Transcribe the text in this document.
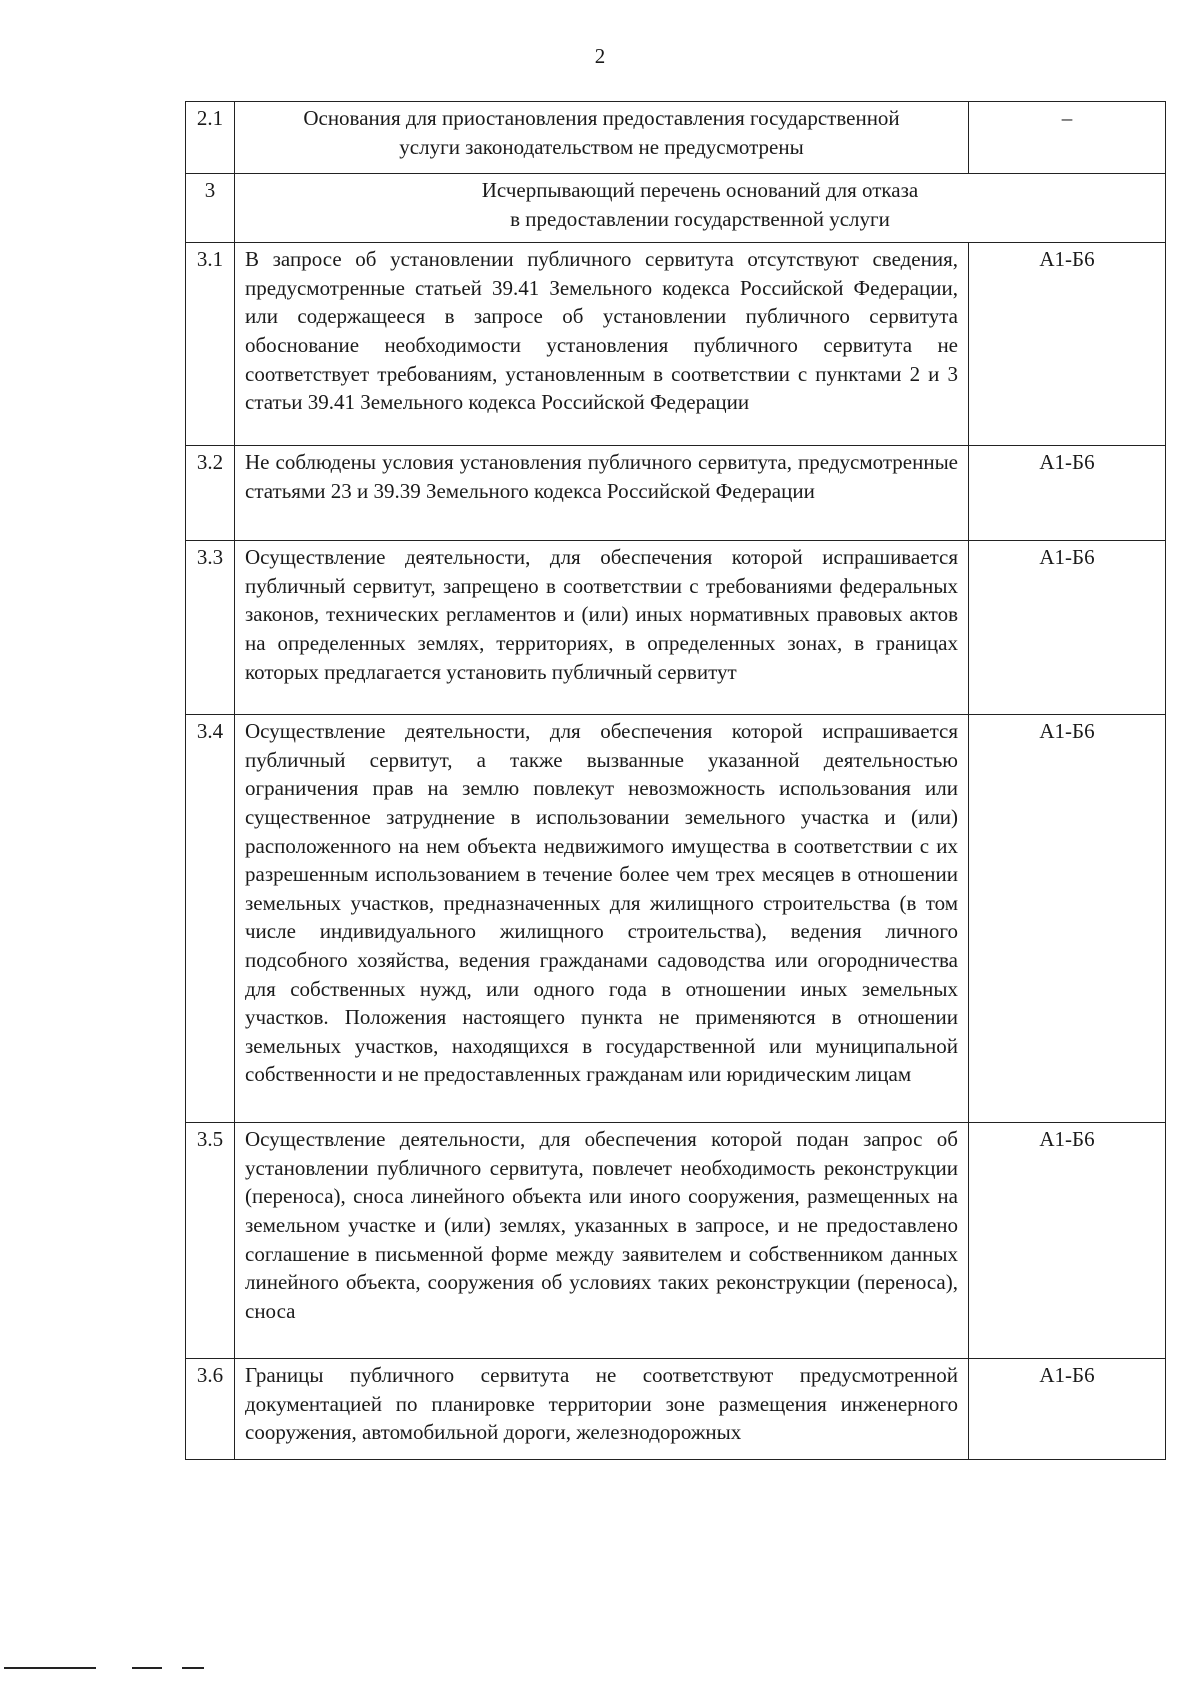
2
2.1	Основания для приостановления предоставления государственной
услуги законодательством не предусмотрены	–
3	Исчерпывающий перечень оснований для отказа
в предоставлении государственной услуги	
3.1	В запросе об установлении публичного сервитута отсутствуют сведения, предусмотренные статьей 39.41 Земельного кодекса Российской Федерации, или содержащееся в запросе об установлении публичного сервитута обоснование необходимости установления публичного сервитута не соответствует требованиям, установленным в соответствии с пунктами 2 и 3 статьи 39.41 Земельного кодекса Российской Федерации	А1-Б6
3.2	Не соблюдены условия установления публичного сервитута, предусмотренные статьями 23 и 39.39 Земельного кодекса Российской Федерации	А1-Б6
3.3	Осуществление деятельности, для обеспечения которой испрашивается публичный сервитут, запрещено в соответствии с требованиями федеральных законов, технических регламентов и (или) иных нормативных правовых актов на определенных землях, территориях, в определенных зонах, в границах которых предлагается установить публичный сервитут	А1-Б6
3.4	Осуществление деятельности, для обеспечения которой испрашивается публичный сервитут, а также вызванные указанной деятельностью ограничения прав на землю повлекут невозможность использования или существенное затруднение в использовании земельного участка и (или) расположенного на нем объекта недвижимого имущества в соответствии с их разрешенным использованием в течение более чем трех месяцев в отношении земельных участков, предназначенных для жилищного строительства (в том числе индивидуального жилищного строительства), ведения личного подсобного хозяйства, ведения гражданами садоводства или огородничества для собственных нужд, или одного года в отношении иных земельных участков. Положения настоящего пункта не применяются в отношении земельных участков, находящихся в государственной или муниципальной собственности и не предоставленных гражданам или юридическим лицам	А1-Б6
3.5	Осуществление деятельности, для обеспечения которой подан запрос об установлении публичного сервитута, повлечет необходимость реконструкции (переноса), сноса линейного объекта или иного сооружения, размещенных на земельном участке и (или) землях, указанных в запросе, и не предоставлено соглашение в письменной форме между заявителем и собственником данных линейного объекта, сооружения об условиях таких реконструкции (переноса), сноса	А1-Б6
3.6	Границы публичного сервитута не соответствуют предусмотренной документацией по планировке территории зоне размещения инженерного сооружения, автомобильной дороги, железнодорожных	А1-Б6
